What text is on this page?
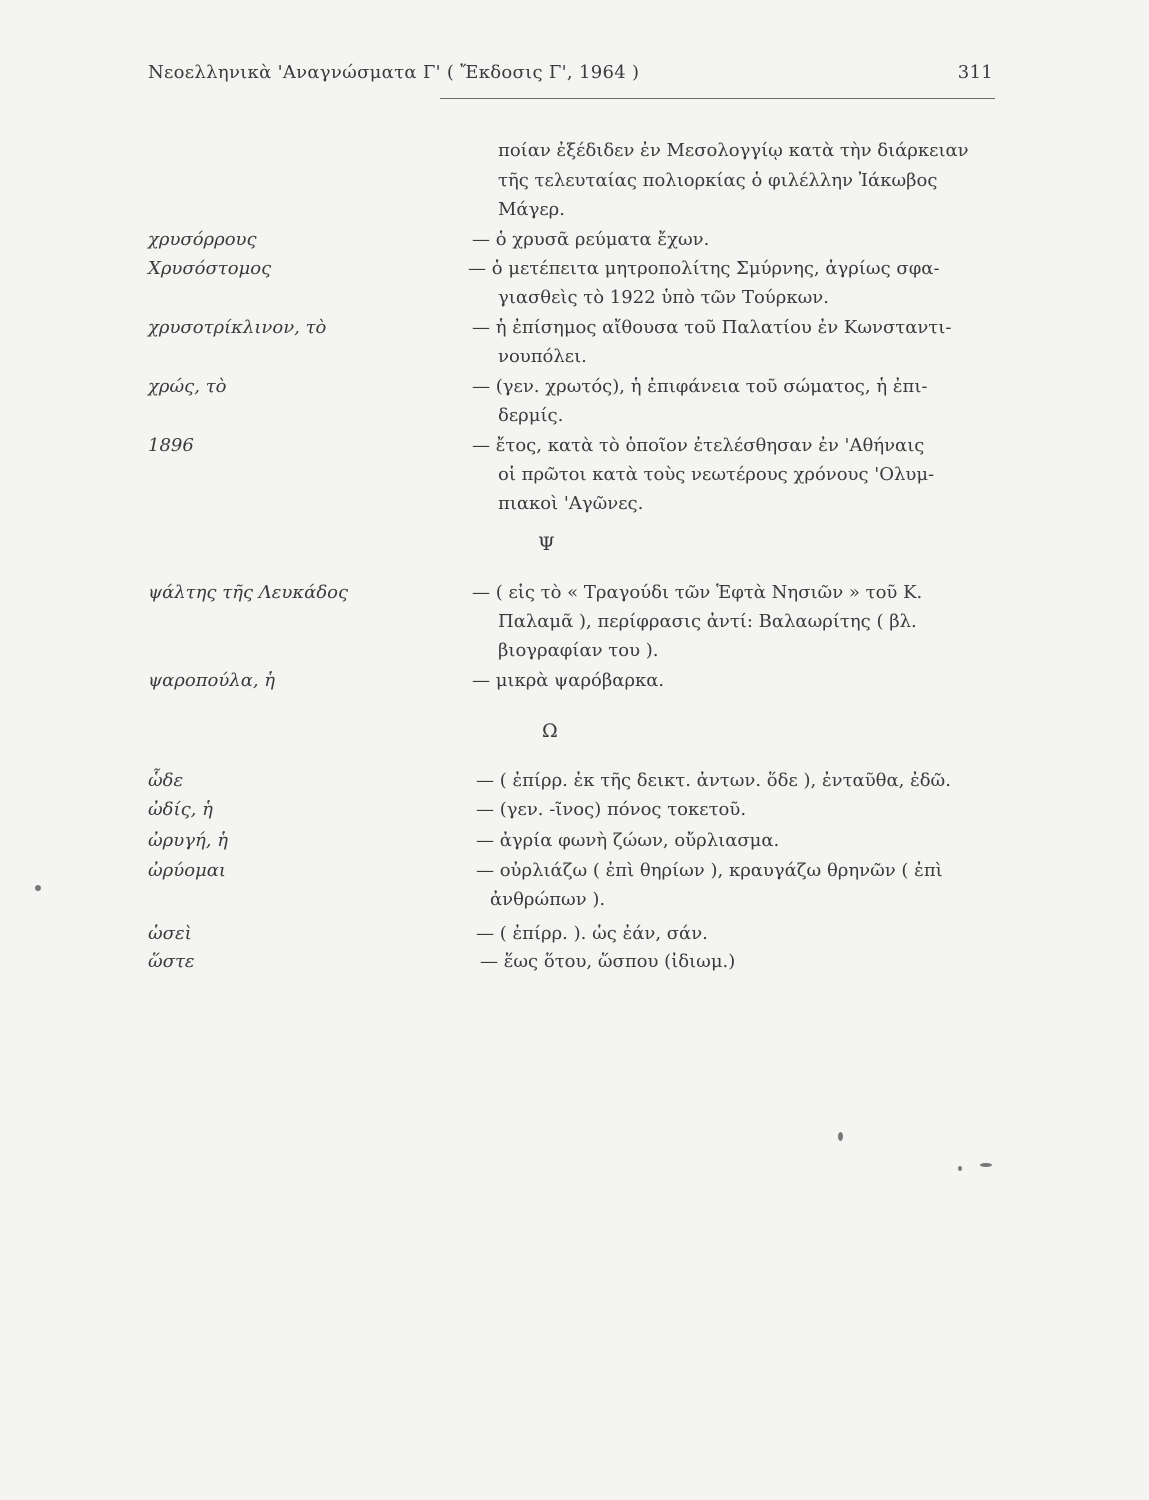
Νεοελληνικὰ 'Αναγνώσματα Γ' ( Ἔκδοσις Γ', 1964 )	311
ποίαν ἐξέδιδεν ἐν Μεσολογγίῳ κατὰ τὴν διάρκειαν
τῆς τελευταίας πολιορκίας ὁ φιλέλλην Ἰάκωβος
Μάγερ.
χρυσόρρους	— ὁ χρυσᾶ ρεύματα ἔχων.
Χρυσόστομος	— ὁ μετέπειτα μητροπολίτης Σμύρνης, ἀγρίως σφα-
γιασθεὶς τὸ 1922 ὑπὸ τῶν Τούρκων.
χρυσοτρίκλινον, τὸ	— ἡ ἐπίσημος αἴθουσα τοῦ Παλατίου ἐν Κωνσταντι-
νουπόλει.
χρώς, τὸ	— (γεν. χρωτός), ἡ ἐπιφάνεια τοῦ σώματος, ἡ ἐπι-
δερμίς.
1896	— ἔτος, κατὰ τὸ ὁποῖον ἐτελέσθησαν ἐν 'Αθήναις
οἱ πρῶτοι κατὰ τοὺς νεωτέρους χρόνους 'Ολυμ-
πιακοὶ 'Αγῶνες.
Ψ
ψάλτης τῆς Λευκάδος	— ( εἰς τὸ « Τραγούδι τῶν Ἑφτὰ Νησιῶν » τοῦ Κ.
Παλαμᾶ ), περίφρασις ἀντί: Βαλαωρίτης ( βλ.
βιογραφίαν του ).
ψαροπούλα, ἡ	— μικρὰ ψαρόβαρκα.
Ω
ὧδε	— ( ἐπίρρ. ἐκ τῆς δεικτ. ἀντων. ὅδε ), ἐνταῦθα, ἐδῶ.
ὠδίς, ἡ	— (γεν. -ῖνος) πόνος τοκετοῦ.
ὠρυγή, ἡ	— ἀγρία φωνὴ ζώων, οὔρλιασμα.
ὠρύομαι	— οὐρλιάζω ( ἐπὶ θηρίων ), κραυγάζω θρηνῶν ( ἐπὶ
ἀνθρώπων ).
ὡσεὶ	— ( ἐπίρρ. ). ὡς ἐάν, σάν.
ὥστε	— ἕως ὅτου, ὥσπου (ἰδιωμ.)
